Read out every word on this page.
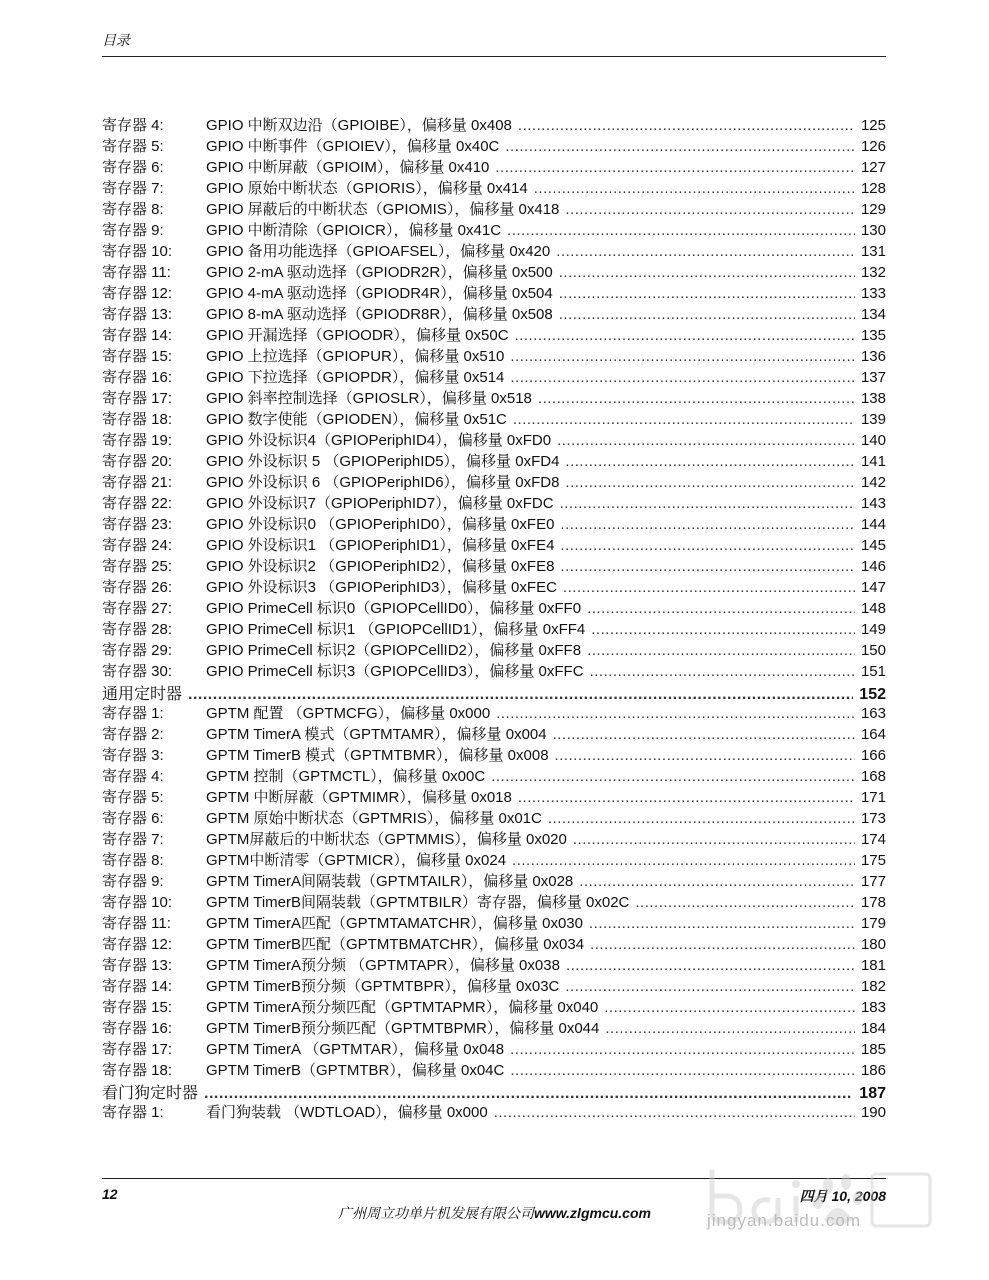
目录
寄存器 4:	GPIO 中断双边沿（GPIOIBE），偏移量 0x408 .....	125
寄存器 5:	GPIO 中断事件（GPIOIEV），偏移量 0x40C .....	126
寄存器 6:	GPIO 中断屏蔽（GPIOIM），偏移量 0x410 .....	127
寄存器 7:	GPIO 原始中断状态（GPIORIS），偏移量 0x414 .....	128
寄存器 8:	GPIO 屏蔽后的中断状态（GPIOMIS），偏移量 0x418 .....	129
寄存器 9:	GPIO 中断清除（GPIOICR），偏移量 0x41C .....	130
寄存器 10:	GPIO 备用功能选择（GPIOAFSEL），偏移量 0x420 .....	131
寄存器 11:	GPIO 2-mA 驱动选择（GPIODR2R），偏移量 0x500 .....	132
寄存器 12:	GPIO 4-mA 驱动选择（GPIODR4R），偏移量 0x504 .....	133
寄存器 13:	GPIO 8-mA 驱动选择（GPIODR8R），偏移量 0x508 .....	134
寄存器 14:	GPIO 开漏选择（GPIOODR），偏移量 0x50C .....	135
寄存器 15:	GPIO 上拉选择（GPIOPUR），偏移量 0x510 .....	136
寄存器 16:	GPIO 下拉选择（GPIOPDR），偏移量 0x514 .....	137
寄存器 17:	GPIO 斜率控制选择（GPIOSLR），偏移量 0x518 .....	138
寄存器 18:	GPIO 数字使能（GPIODEN），偏移量 0x51C .....	139
寄存器 19:	GPIO 外设标识4（GPIOPeriphID4），偏移量 0xFD0 .....	140
寄存器 20:	GPIO 外设标识 5 （GPIOPeriphID5），偏移量 0xFD4 .....	141
寄存器 21:	GPIO 外设标识 6 （GPIOPeriphID6），偏移量 0xFD8 .....	142
寄存器 22:	GPIO 外设标识7（GPIOPeriphID7），偏移量 0xFDC .....	143
寄存器 23:	GPIO 外设标识0 （GPIOPeriphID0），偏移量 0xFE0 .....	144
寄存器 24:	GPIO 外设标识1 （GPIOPeriphID1），偏移量 0xFE4 .....	145
寄存器 25:	GPIO 外设标识2 （GPIOPeriphID2），偏移量 0xFE8 .....	146
寄存器 26:	GPIO 外设标识3 （GPIOPeriphID3），偏移量 0xFEC .....	147
寄存器 27:	GPIO PrimeCell 标识0（GPIOPCellID0），偏移量 0xFF0 .....	148
寄存器 28:	GPIO PrimeCell 标识1 （GPIOPCellID1），偏移量 0xFF4 .....	149
寄存器 29:	GPIO PrimeCell 标识2（GPIOPCellID2），偏移量 0xFF8 .....	150
寄存器 30:	GPIO PrimeCell 标识3（GPIOPCellID3），偏移量 0xFFC .....	151
通用定时器 .....	152
寄存器 1:	GPTM 配置 （GPTMCFG），偏移量 0x000 .....	163
寄存器 2:	GPTM TimerA 模式（GPTMTAMR），偏移量 0x004 .....	164
寄存器 3:	GPTM TimerB 模式（GPTMTBMR），偏移量 0x008 .....	166
寄存器 4:	GPTM 控制（GPTMCTL），偏移量 0x00C .....	168
寄存器 5:	GPTM 中断屏蔽（GPTMIMR），偏移量 0x018 .....	171
寄存器 6:	GPTM 原始中断状态（GPTMRIS），偏移量 0x01C .....	173
寄存器 7:	GPTM屏蔽后的中断状态（GPTMMIS），偏移量 0x020 .....	174
寄存器 8:	GPTM中断清零（GPTMICR），偏移量 0x024 .....	175
寄存器 9:	GPTM TimerA间隔装载（GPTMTAILR），偏移量 0x028 .....	177
寄存器 10:	GPTM TimerB间隔装载（GPTMTBILR）寄存器，偏移量 0x02C .....	178
寄存器 11:	GPTM TimerA匹配（GPTMTAMATCHR），偏移量 0x030 .....	179
寄存器 12:	GPTM TimerB匹配（GPTMTBMATCHR），偏移量 0x034 .....	180
寄存器 13:	GPTM TimerA预分频 （GPTMTAPR），偏移量 0x038 .....	181
寄存器 14:	GPTM TimerB预分频（GPTMTBPR），偏移量 0x03C .....	182
寄存器 15:	GPTM TimerA预分频匹配（GPTMTAPMR），偏移量 0x040 .....	183
寄存器 16:	GPTM TimerB预分频匹配（GPTMTBPMR），偏移量 0x044 .....	184
寄存器 17:	GPTM TimerA （GPTMTAR），偏移量 0x048 .....	185
寄存器 18:	GPTM TimerB（GPTMTBR），偏移量 0x04C .....	186
看门狗定时器 .....	187
寄存器 1:	看门狗装载 （WDTLOAD），偏移量 0x000 .....	190
12	四月 10, 2008
广州周立功单片机发展有限公司www.zlgmcu.com	jingyan.baidu.com
